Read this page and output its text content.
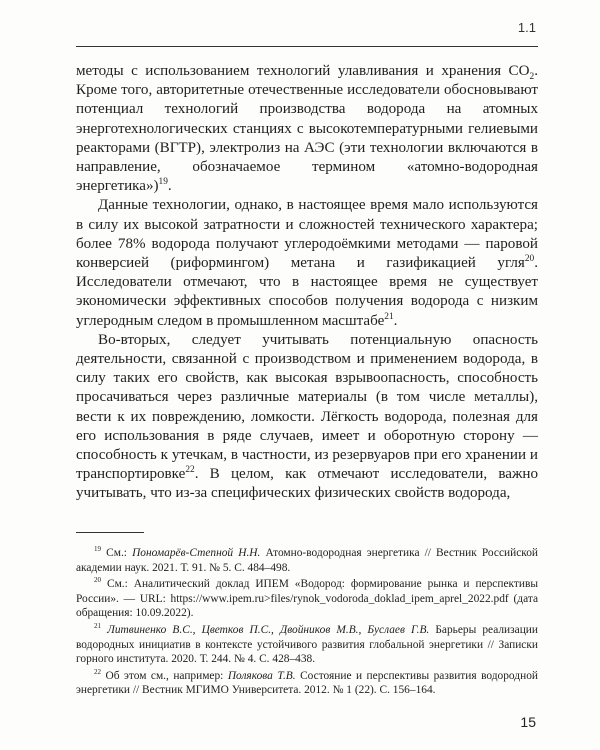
1.1

методы с использованием технологий улавливания и хранения $CO_2$. Кроме того, авторитетные отечественные исследователи обосновывают потенциал технологий производства водорода на атомных энерготехнологических станциях с высокотемпературными гелиевыми реакторами (ВГТР), электролиз на АЭС (эти технологии включаются в направление, обозначаемое термином «атомно-водородная энергетика»)$^{19}$.

Данные технологии, однако, в настоящее время мало используются в силу их высокой затратности и сложностей технического характера; более 78% водорода получают углеродоёмкими методами — паровой конверсией (риформингом) метана и газификацией угля$^{20}$. Исследователи отмечают, что в настоящее время не существует экономически эффективных способов получения водорода с низким углеродным следом в промышленном масштабе$^{21}$.

Во-вторых, следует учитывать потенциальную опасность деятельности, связанной с производством и применением водорода, в силу таких его свойств, как высокая взрывоопасность, способность просачиваться через различные материалы (в том числе металлы), вести к их повреждению, ломкости. Лёгкость водорода, полезная для его использования в ряде случаев, имеет и оборотную сторону — способность к утечкам, в частности, из резервуаров при его хранении и транспортировке$^{22}$. В целом, как отмечают исследователи, важно учитывать, что из-за специфических физических свойств водорода,

$^{19}$ См.: Пономарёв-Степной Н.Н. Атомно-водородная энергетика // Вестник Российской академии наук. 2021. Т. 91. № 5. С. 484–498.

$^{20}$ См.: Аналитический доклад ИПЕМ «Водород: формирование рынка и перспективы России». — URL: https://www.ipem.ru>files/rynok_vodoroda_doklad_ipem_aprel_2022.pdf (дата обращения: 10.09.2022).

$^{21}$ Литвиненко В.С., Цветков П.С., Двойников М.В., Буслаев Г.В. Барьеры реализации водородных инициатив в контексте устойчивого развития глобальной энергетики // Записки горного института. 2020. Т. 244. № 4. С. 428–438.

$^{22}$ Об этом см., например: Полякова Т.В. Состояние и перспективы развития водородной энергетики // Вестник МГИМО Университета. 2012. № 1 (22). С. 156–164.

15
